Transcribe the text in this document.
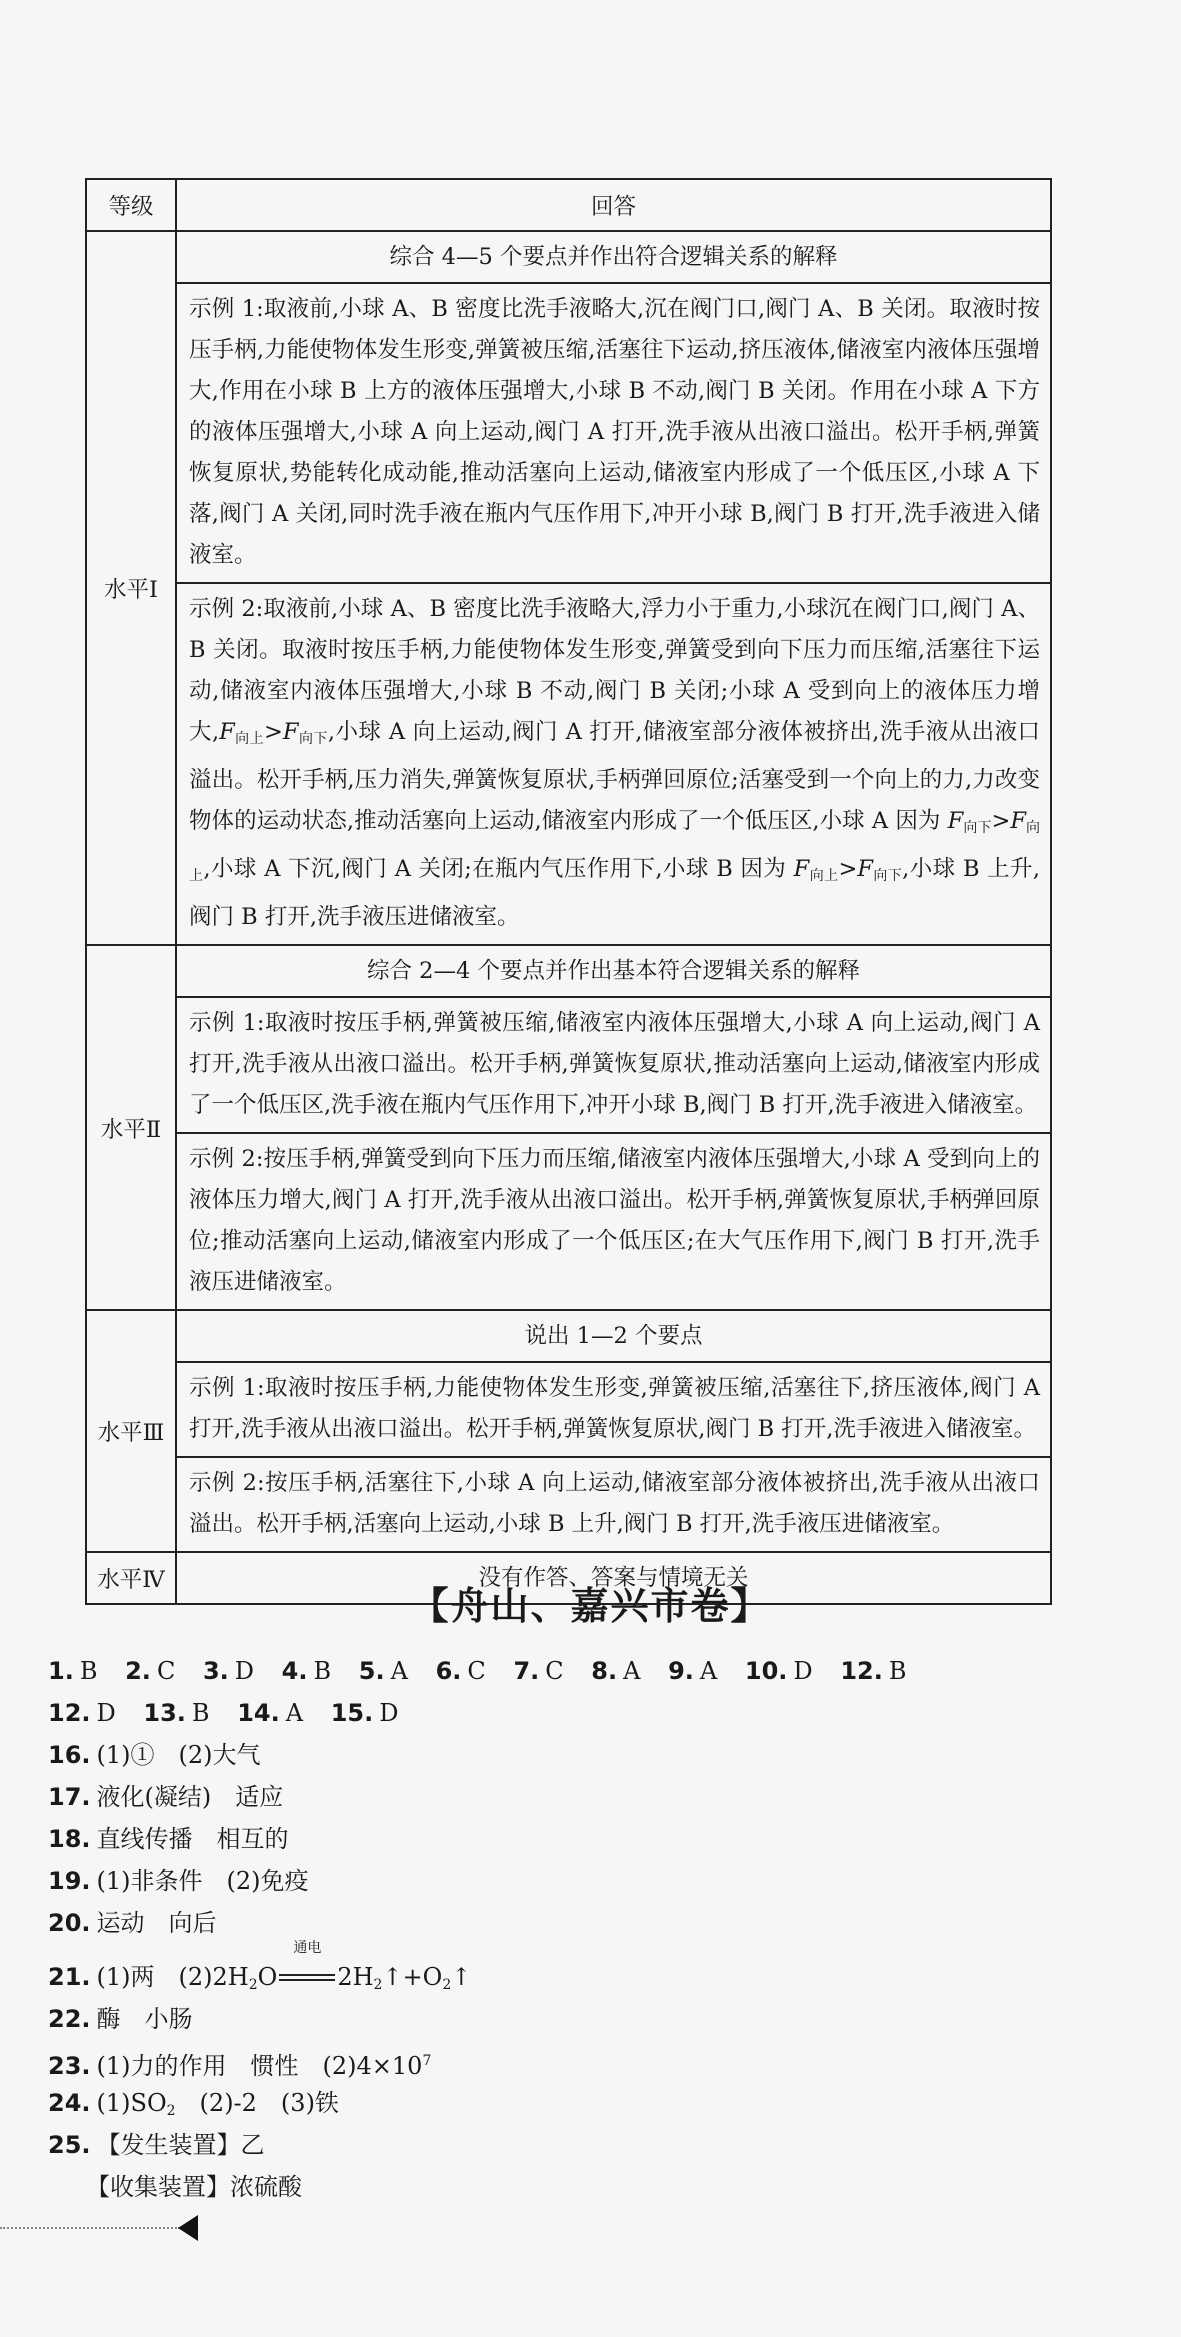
等级	回答
水平Ⅰ	综合 4—5 个要点并作出符合逻辑关系的解释
	示例 1:取液前,小球 A、B 密度比洗手液略大,沉在阀门口,阀门 A、B 关闭。取液时按压手柄,力能使物体发生形变,弹簧被压缩,活塞往下运动,挤压液体,储液室内液体压强增大,作用在小球 B 上方的液体压强增大,小球 B 不动,阀门 B 关闭。作用在小球 A 下方的液体压强增大,小球 A 向上运动,阀门 A 打开,洗手液从出液口溢出。松开手柄,弹簧恢复原状,势能转化成动能,推动活塞向上运动,储液室内形成了一个低压区,小球 A 下落,阀门 A 关闭,同时洗手液在瓶内气压作用下,冲开小球 B,阀门 B 打开,洗手液进入储液室。
	示例 2:取液前,小球 A、B 密度比洗手液略大,浮力小于重力,小球沉在阀门口,阀门 A、B 关闭。取液时按压手柄,力能使物体发生形变,弹簧受到向下压力而压缩,活塞往下运动,储液室内液体压强增大,小球 B 不动,阀门 B 关闭;小球 A 受到向上的液体压力增大$,F_{向上}>F_{向下}$,小球 A 向上运动,阀门 A 打开,储液室部分液体被挤出,洗手液从出液口溢出。松开手柄,压力消失,弹簧恢复原状,手柄弹回原位;活塞受到一个向上的力,力改变物体的运动状态,推动活塞向上运动,储液室内形成了一个低压区,小球 A 因为 $F_{向下}>F_{向上}$,小球 A 下沉,阀门 A 关闭;在瓶内气压作用下,小球 B 因为 $F_{向上}>F_{向下}$,小球 B 上升,阀门 B 打开,洗手液压进储液室。
水平Ⅱ	综合 2—4 个要点并作出基本符合逻辑关系的解释
	示例 1:取液时按压手柄,弹簧被压缩,储液室内液体压强增大,小球 A 向上运动,阀门 A 打开,洗手液从出液口溢出。松开手柄,弹簧恢复原状,推动活塞向上运动,储液室内形成了一个低压区,洗手液在瓶内气压作用下,冲开小球 B,阀门 B 打开,洗手液进入储液室。
	示例 2:按压手柄,弹簧受到向下压力而压缩,储液室内液体压强增大,小球 A 受到向上的液体压力增大,阀门 A 打开,洗手液从出液口溢出。松开手柄,弹簧恢复原状,手柄弹回原位;推动活塞向上运动,储液室内形成了一个低压区;在大气压作用下,阀门 B 打开,洗手液压进储液室。
水平Ⅲ	说出 1—2 个要点
	示例 1:取液时按压手柄,力能使物体发生形变,弹簧被压缩,活塞往下,挤压液体,阀门 A 打开,洗手液从出液口溢出。松开手柄,弹簧恢复原状,阀门 B 打开,洗手液进入储液室。
	示例 2:按压手柄,活塞往下,小球 A 向上运动,储液室部分液体被挤出,洗手液从出液口溢出。松开手柄,活塞向上运动,小球 B 上升,阀门 B 打开,洗手液压进储液室。
水平Ⅳ	没有作答、答案与情境无关
【舟山、嘉兴市卷】
1. B 2. C 3. D 4. B 5. A 6. C 7. C 8. A 9. A 10. D 12. B
12. D 13. B 14. A 15. D
16. (1)①　(2)大气
17. 液化(凝结)　适应
18. 直线传播　相互的
19. (1)非条件　(2)免疫
20. 运动　向后
21. (1)两　$(2)2H_2O$
通电
$2H_2↑+O_2↑$
22. 酶　小肠
23. (1)力的作用　惯性　$(2)4\times 10^7$
24. $(1)SO_2$　(2)-2　(3)铁
25. 【发生装置】乙
【收集装置】浓硫酸
